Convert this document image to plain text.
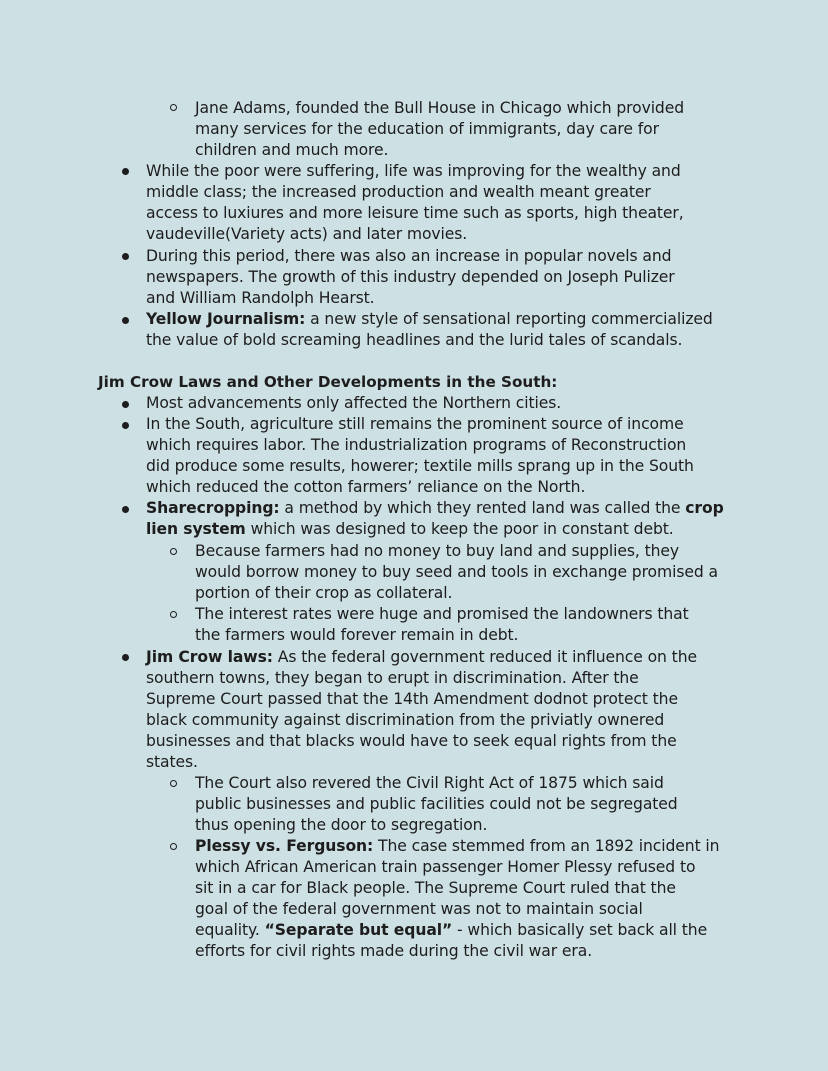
Jane Adams, founded the Bull House in Chicago which provided
many services for the education of immigrants, day care for
children and much more.
While the poor were suffering, life was improving for the wealthy and
middle class; the increased production and wealth meant greater
access to luxiures and more leisure time such as sports, high theater,
vaudeville(Variety acts) and later movies.
During this period, there was also an increase in popular novels and
newspapers. The growth of this industry depended on Joseph Pulizer
and William Randolph Hearst.
Yellow Journalism: a new style of sensational reporting commercialized
the value of bold screaming headlines and the lurid tales of scandals.
Jim Crow Laws and Other Developments in the South:
Most advancements only affected the Northern cities.
In the South, agriculture still remains the prominent source of income
which requires labor. The industrialization programs of Reconstruction
did produce some results, howerer; textile mills sprang up in the South
which reduced the cotton farmers’ reliance on the North.
Sharecropping: a method by which they rented land was called the crop
lien system which was designed to keep the poor in constant debt.
Because farmers had no money to buy land and supplies, they
would borrow money to buy seed and tools in exchange promised a
portion of their crop as collateral.
The interest rates were huge and promised the landowners that
the farmers would forever remain in debt.
Jim Crow laws: As the federal government reduced it influence on the
southern towns, they began to erupt in discrimination. After the
Supreme Court passed that the 14th Amendment dodnot protect the
black community against discrimination from the priviatly ownered
businesses and that blacks would have to seek equal rights from the
states.
The Court also revered the Civil Right Act of 1875 which said
public businesses and public facilities could not be segregated
thus opening the door to segregation.
Plessy vs. Ferguson: The case stemmed from an 1892 incident in
which African American train passenger Homer Plessy refused to
sit in a car for Black people. The Supreme Court ruled that the
goal of the federal government was not to maintain social
equality. “Separate but equal” - which basically set back all the
efforts for civil rights made during the civil war era.
